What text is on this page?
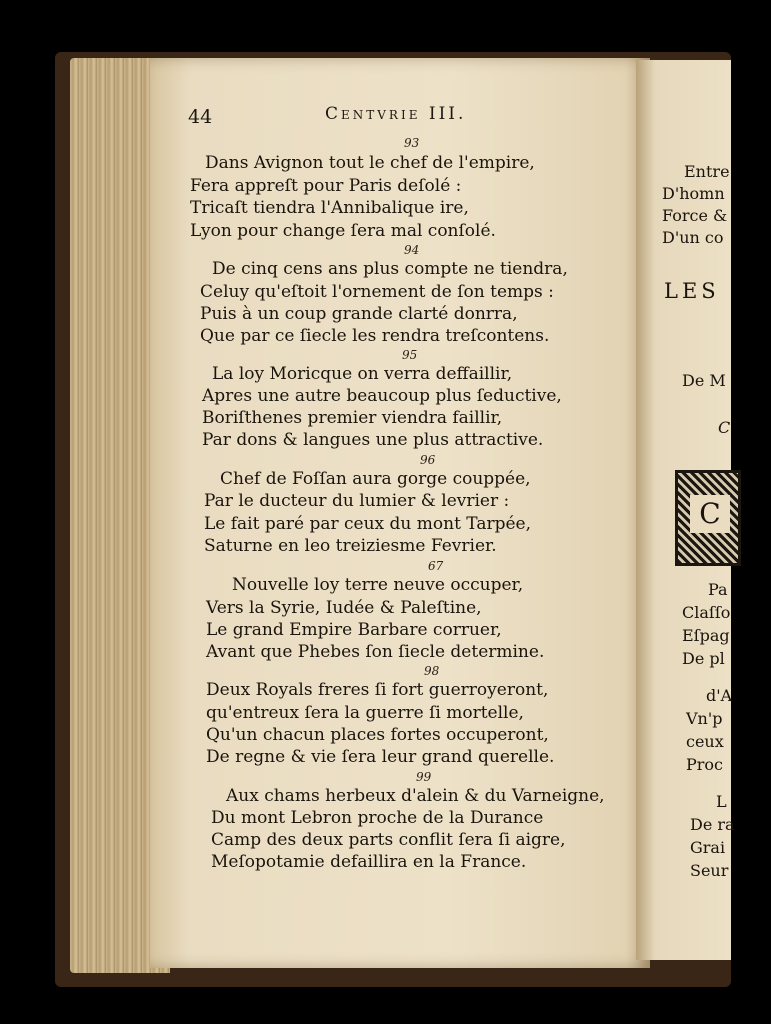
44	Centvrie III.
93
Dans Avignon tout le chef de l'empire,
Fera appreſt pour Paris deſolé :
Tricaſt tiendra l'Annibalique ire,
Lyon pour change ſera mal conſolé.
94
De cinq cens ans plus compte ne tiendra,
Celuy qu'eſtoit l'ornement de ſon temps :
Puis à un coup grande clarté donrra,
Que par ce ſiecle les rendra treſcontens.
95
La loy Moricque on verra deffaillir,
Apres une autre beaucoup plus ſeductive,
Boriſthenes premier viendra faillir,
Par dons & langues une plus attractive.
96
Chef de Foſſan aura gorge couppée,
Par le ducteur du lumier & levrier :
Le fait paré par ceux du mont Tarpée,
Saturne en leo treiziesme Fevrier.
67
Nouvelle loy terre neuve occuper,
Vers la Syrie, Iudée & Paleſtine,
Le grand Empire Barbare corruer,
Avant que Phebes ſon ſiecle determine.
98
Deux Royals freres ſi fort guerroyeront,
qu'entreux ſera la guerre ſi mortelle,
Qu'un chacun places fortes occuperont,
De regne & vie ſera leur grand querelle.
99
Aux chams herbeux d'alein & du Varneigne,
Du mont Lebron proche de la Durance
Camp des deux parts conflit ſera ſi aigre,
Meſopotamie defaillira en la France.
Entre
D'homn
Force &
D'un co
LES
De M
C
C
Pa
Claſſo
Eſpag
De pl
d'A
Vn'p
ceux
Proc
L
De ra
Grai
Seur
